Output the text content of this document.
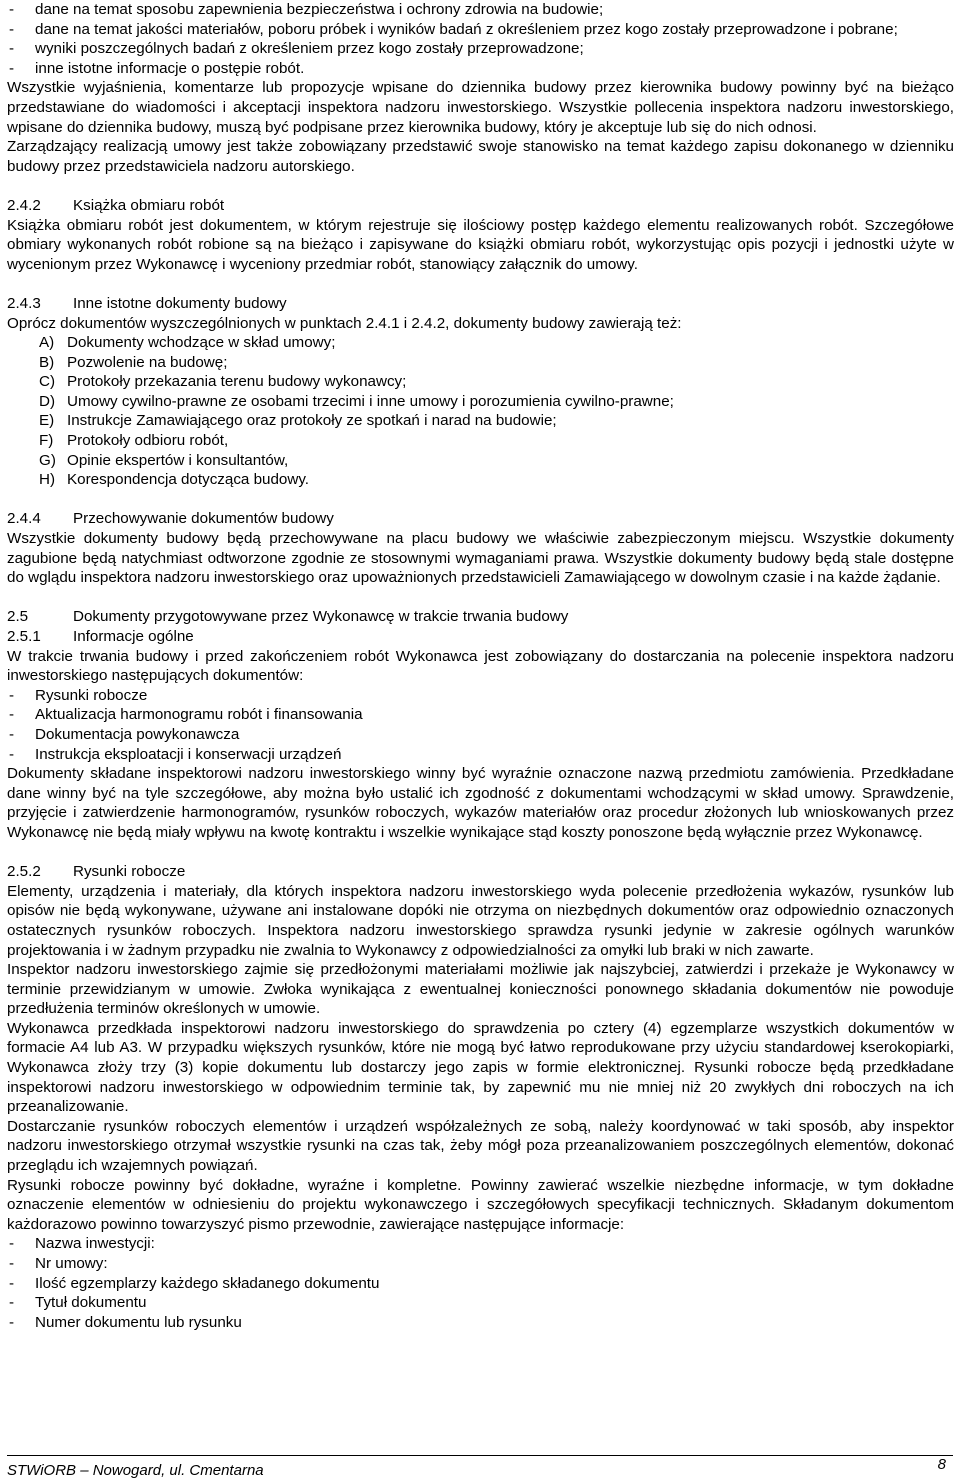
-	dane na temat sposobu zapewnienia bezpieczeństwa i ochrony zdrowia na budowie;
-	dane na temat jakości materiałów, poboru próbek i wyników badań z określeniem przez kogo zostały przeprowadzone i pobrane;
-	wyniki poszczególnych badań z określeniem przez kogo zostały przeprowadzone;
-	inne istotne informacje o postępie robót.

Wszystkie wyjaśnienia, komentarze lub propozycje wpisane do dziennika budowy przez kierownika budowy powinny być na bieżąco przedstawiane do wiadomości i akceptacji inspektora nadzoru inwestorskiego. Wszystkie pollecenia inspektora nadzoru inwestorskiego, wpisane do dziennika budowy, muszą być podpisane przez kierownika budowy, który je akceptuje lub się do nich odnosi.

Zarządzający realizacją umowy jest także zobowiązany przedstawić swoje stanowisko na temat każdego zapisu dokonanego w dzienniku budowy przez przedstawiciela nadzoru autorskiego.

2.4.2	Książka obmiaru robót

Książka obmiaru robót jest dokumentem, w którym rejestruje się ilościowy postęp każdego elementu realizowanych robót. Szczegółowe obmiary wykonanych robót robione są na bieżąco i zapisywane do książki obmiaru robót, wykorzystując opis pozycji i jednostki użyte w wycenionym przez Wykonawcę i wyceniony przedmiar robót, stanowiący załącznik do umowy.

2.4.3	Inne istotne dokumenty budowy

Oprócz dokumentów wyszczególnionych w punktach 2.4.1 i 2.4.2, dokumenty budowy zawierają też:

A) Dokumenty wchodzące w skład umowy;
B) Pozwolenie na budowę;
C) Protokoły przekazania terenu budowy wykonawcy;
D) Umowy cywilno-prawne ze osobami trzecimi i inne umowy i porozumienia cywilno-prawne;
E) Instrukcje Zamawiającego oraz protokoły ze spotkań i narad na budowie;
F) Protokoły odbioru robót,
G) Opinie ekspertów i konsultantów,
H) Korespondencja dotycząca budowy.
2.4.4	Przechowywanie dokumentów budowy

Wszystkie dokumenty budowy będą przechowywane na placu budowy we właściwie zabezpieczonym miejscu. Wszystkie dokumenty zagubione będą natychmiast odtworzone zgodnie ze stosownymi wymaganiami prawa. Wszystkie dokumenty budowy będą stale dostępne do wglądu inspektora nadzoru inwestorskiego oraz upoważnionych przedstawicieli Zamawiającego w dowolnym czasie i na każde żądanie.

2.5	Dokumenty przygotowywane przez Wykonawcę w trakcie trwania budowy
2.5.1	Informacje ogólne

W trakcie trwania budowy i przed zakończeniem robót Wykonawca jest zobowiązany do dostarczania na polecenie inspektora nadzoru inwestorskiego następujących dokumentów:

-	Rysunki robocze
-	Aktualizacja harmonogramu robót i finansowania
-	Dokumentacja powykonawcza
-	Instrukcja eksploatacji i konserwacji urządzeń

Dokumenty składane inspektorowi nadzoru inwestorskiego winny być wyraźnie oznaczone nazwą przedmiotu zamówienia. Przedkładane dane winny być na tyle szczegółowe, aby można było ustalić ich zgodność z dokumentami wchodzącymi w skład umowy. Sprawdzenie, przyjęcie i zatwierdzenie harmonogramów, rysunków roboczych, wykazów materiałów oraz procedur złożonych lub wnioskowanych przez Wykonawcę nie będą miały wpływu na kwotę kontraktu i wszelkie wynikające stąd koszty ponoszone będą wyłącznie przez Wykonawcę.

2.5.2	Rysunki robocze

Elementy, urządzenia i materiały, dla których inspektora nadzoru inwestorskiego wyda polecenie przedłożenia wykazów, rysunków lub opisów nie będą wykonywane, używane ani instalowane dopóki nie otrzyma on niezbędnych dokumentów oraz odpowiednio oznaczonych ostatecznych rysunków roboczych. Inspektora nadzoru inwestorskiego sprawdza rysunki jedynie w zakresie ogólnych warunków projektowania i w żadnym przypadku nie zwalnia to Wykonawcy z odpowiedzialności za omyłki lub braki w nich zawarte.

Inspektor nadzoru inwestorskiego zajmie się przedłożonymi materiałami możliwie jak najszybciej, zatwierdzi i przekaże je Wykonawcy w terminie przewidzianym w umowie. Zwłoka wynikająca z ewentualnej konieczności ponownego składania dokumentów nie powoduje przedłużenia terminów określonych w umowie.

Wykonawca przedkłada inspektorowi nadzoru inwestorskiego do sprawdzenia po cztery (4) egzemplarze wszystkich dokumentów w formacie A4 lub A3. W przypadku większych rysunków, które nie mogą być łatwo reprodukowane przy użyciu standardowej kserokopiarki, Wykonawca złoży trzy (3) kopie dokumentu lub dostarczy jego zapis w formie elektronicznej. Rysunki robocze będą przedkładane inspektorowi nadzoru inwestorskiego w odpowiednim terminie tak, by zapewnić mu nie mniej niż 20 zwykłych dni roboczych na ich przeanalizowanie.

Dostarczanie rysunków roboczych elementów i urządzeń współzależnych ze sobą, należy koordynować w taki sposób, aby inspektor nadzoru inwestorskiego otrzymał wszystkie rysunki na czas tak, żeby mógł poza przeanalizowaniem poszczególnych elementów, dokonać przeglądu ich wzajemnych powiązań.

Rysunki robocze powinny być dokładne, wyraźne i kompletne. Powinny zawierać wszelkie niezbędne informacje, w tym dokładne oznaczenie elementów w odniesieniu do projektu wykonawczego i szczegółowych specyfikacji technicznych. Składanym dokumentom każdorazowo powinno towarzyszyć pismo przewodnie, zawierające następujące informacje:

-	Nazwa inwestycji:
-	Nr umowy:
-	Ilość egzemplarzy każdego składanego dokumentu
-	Tytuł dokumentu
-	Numer dokumentu lub rysunku
STWiORB – Nowogard, ul. Cmentarna	8
